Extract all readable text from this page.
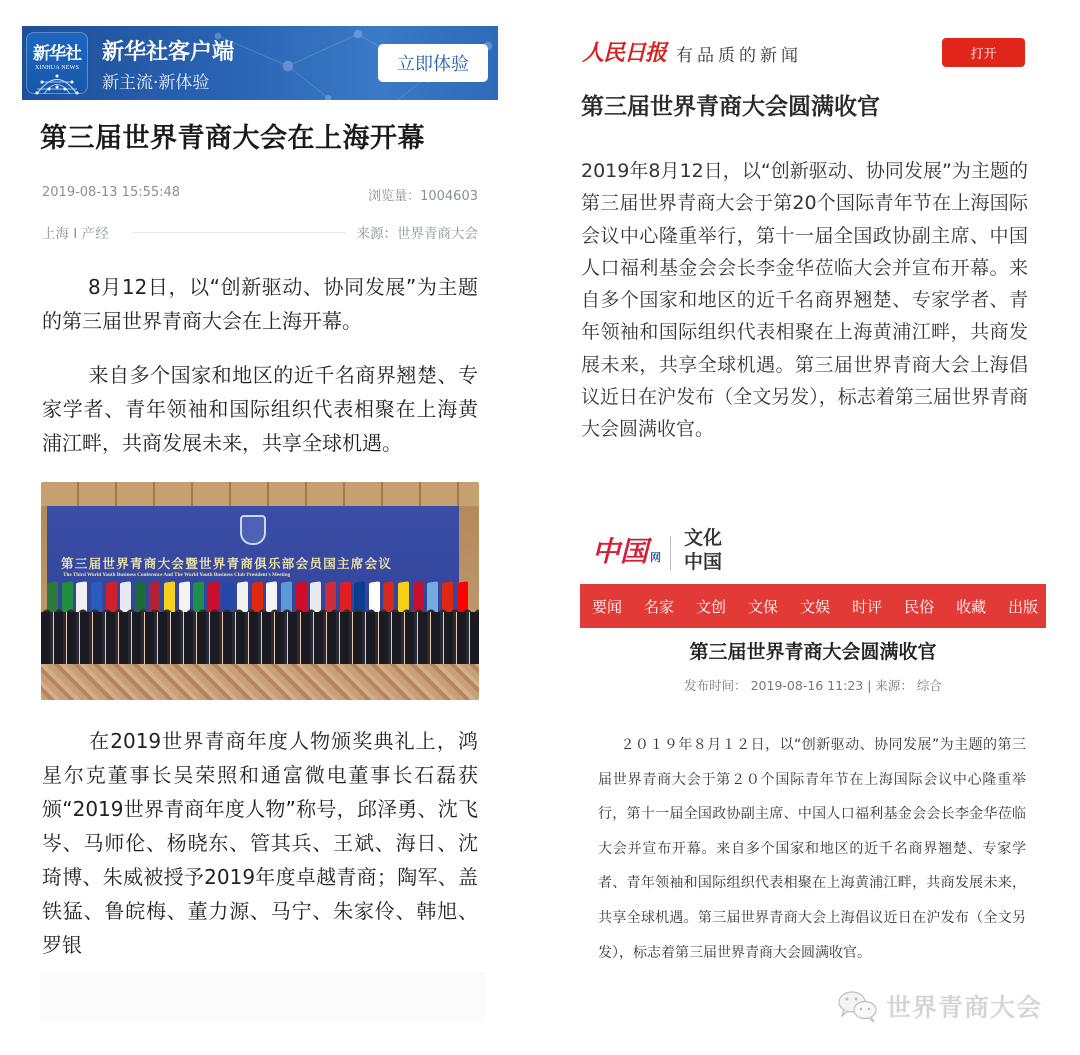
新华社
XINHUA NEWS
新华社客户端
新主流·新体验
立即体验
第三届世界青商大会在上海开幕
2019-08-13 15:55:48	浏览量：1004603
上海 I 产经	来源：世界青商大会

8月12日，以“创新驱动、协同发展”为主题的第三届世界青商大会在上海开幕。

来自多个国家和地区的近千名商界翘楚、专家学者、青年领袖和国际组织代表相聚在上海黄浦江畔，共商发展未来，共享全球机遇。

第三届世界青商大会暨世界青商俱乐部会员国主席会议
The Third World Youth Business Conference And The World Youth Business Club President's Meeting

在2019世界青商年度人物颁奖典礼上，鸿星尔克董事长吴荣照和通富微电董事长石磊获颁“2019世界青商年度人物”称号，邱泽勇、沈飞岑、马师伦、杨晓东、管其兵、王斌、海日、沈琦博、朱威被授予2019年度卓越青商；陶军、盖铁猛、鲁皖梅、董力源、马宁、朱家伶、韩旭、罗银

人民日报 有品质的新闻	打开
第三届世界青商大会圆满收官

2019年8月12日，以“创新驱动、协同发展”为主题的第三届世界青商大会于第20个国际青年节在上海国际会议中心隆重举行，第十一届全国政协副主席、中国人口福利基金会会长李金华莅临大会并宣布开幕。来自多个国家和地区的近千名商界翘楚、专家学者、青年领袖和国际组织代表相聚在上海黄浦江畔，共商发展未来，共享全球机遇。第三届世界青商大会上海倡议近日在沪发布（全文另发），标志着第三届世界青商大会圆满收官。

中国 网
文化
中国
要闻 名家 文创 文保 文娱 时评 民俗 收藏 出版
第三届世界青商大会圆满收官
发布时间： 2019-08-16 11:23 | 来源： 综合

２０１９年８月１２日，以“创新驱动、协同发展”为主题的第三届世界青商大会于第２０个国际青年节在上海国际会议中心隆重举行，第十一届全国政协副主席、中国人口福利基金会会长李金华莅临大会并宣布开幕。来自多个国家和地区的近千名商界翘楚、专家学者、青年领袖和国际组织代表相聚在上海黄浦江畔，共商发展未来，共享全球机遇。第三届世界青商大会上海倡议近日在沪发布（全文另发），标志着第三届世界青商大会圆满收官。

世界青商大会
